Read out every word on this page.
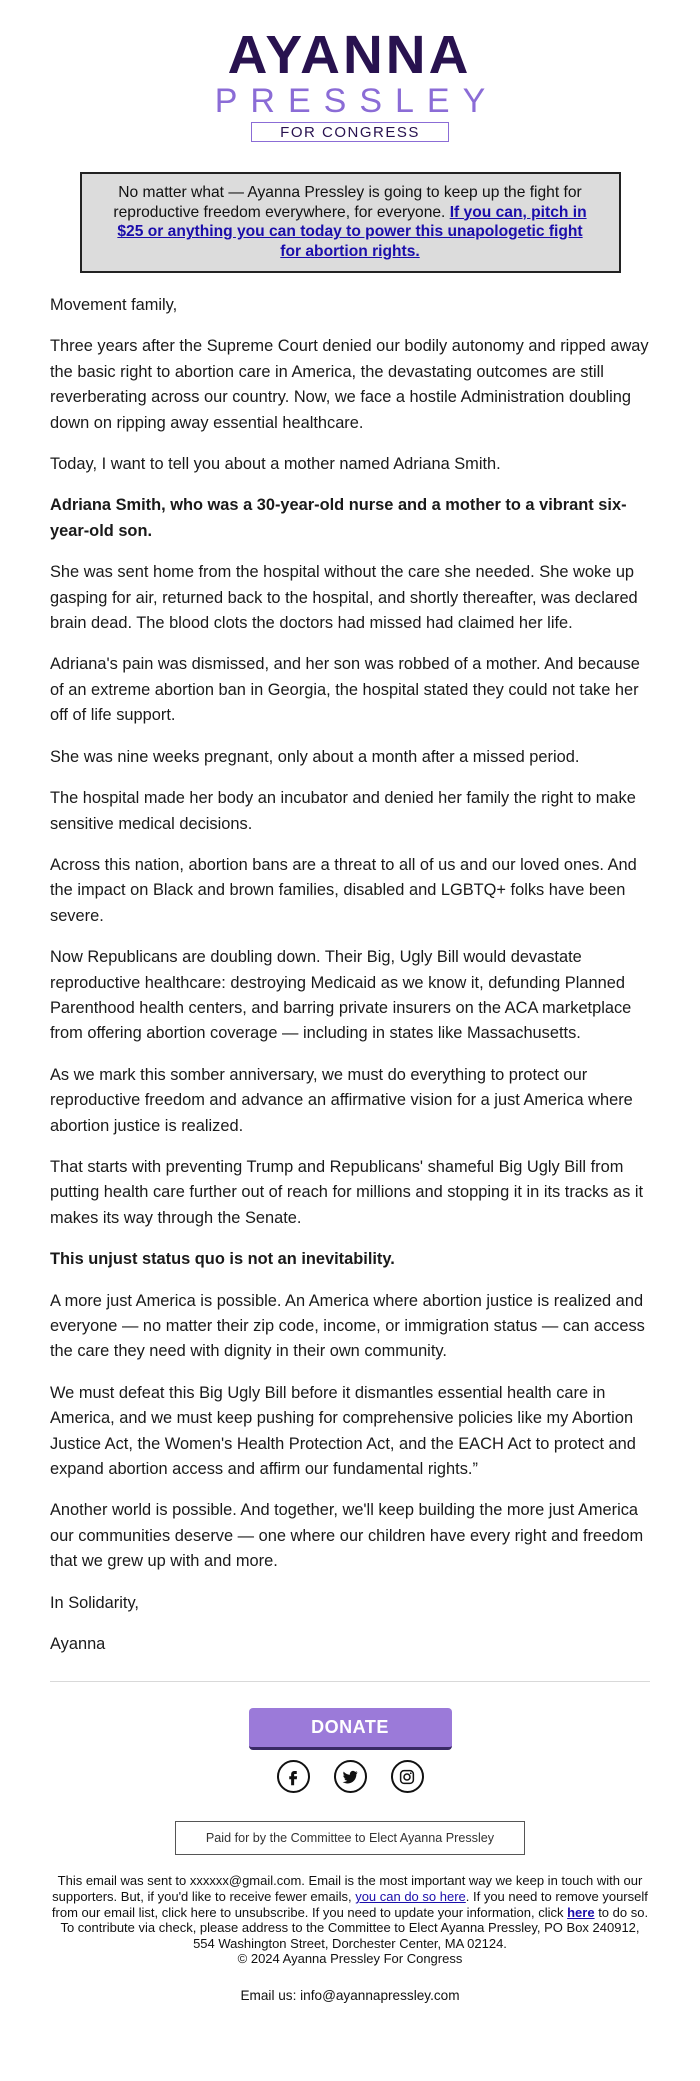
AYANNA
PRESSLEY
FOR CONGRESS
No matter what — Ayanna Pressley is going to keep up the fight for reproductive freedom everywhere, for everyone. If you can, pitch in $25 or anything you can today to power this unapologetic fight for abortion rights.

Movement family,

Three years after the Supreme Court denied our bodily autonomy and ripped away the basic right to abortion care in America, the devastating outcomes are still reverberating across our country. Now, we face a hostile Administration doubling down on ripping away essential healthcare.

Today, I want to tell you about a mother named Adriana Smith.

Adriana Smith, who was a 30-year-old nurse and a mother to a vibrant six-year-old son.

She was sent home from the hospital without the care she needed. She woke up gasping for air, returned back to the hospital, and shortly thereafter, was declared brain dead. The blood clots the doctors had missed had claimed her life.

Adriana's pain was dismissed, and her son was robbed of a mother. And because of an extreme abortion ban in Georgia, the hospital stated they could not take her off of life support.

She was nine weeks pregnant, only about a month after a missed period.

The hospital made her body an incubator and denied her family the right to make sensitive medical decisions.

Across this nation, abortion bans are a threat to all of us and our loved ones. And the impact on Black and brown families, disabled and LGBTQ+ folks have been severe.

Now Republicans are doubling down. Their Big, Ugly Bill would devastate reproductive healthcare: destroying Medicaid as we know it, defunding Planned Parenthood health centers, and barring private insurers on the ACA marketplace from offering abortion coverage — including in states like Massachusetts.

As we mark this somber anniversary, we must do everything to protect our reproductive freedom and advance an affirmative vision for a just America where abortion justice is realized.

That starts with preventing Trump and Republicans' shameful Big Ugly Bill from putting health care further out of reach for millions and stopping it in its tracks as it makes its way through the Senate.

This unjust status quo is not an inevitability.

A more just America is possible. An America where abortion justice is realized and everyone — no matter their zip code, income, or immigration status — can access the care they need with dignity in their own community.

We must defeat this Big Ugly Bill before it dismantles essential health care in America, and we must keep pushing for comprehensive policies like my Abortion Justice Act, the Women's Health Protection Act, and the EACH Act to protect and expand abortion access and affirm our fundamental rights.”

Another world is possible. And together, we'll keep building the more just America our communities deserve — one where our children have every right and freedom that we grew up with and more.

In Solidarity,

Ayanna

DONATE
Paid for by the Committee to Elect Ayanna Pressley
This email was sent to xxxxxx@gmail.com. Email is the most important way we keep in touch with our supporters. But, if you'd like to receive fewer emails, you can do so here. If you need to remove yourself from our email list, click here to unsubscribe. If you need to update your information, click here to do so. To contribute via check, please address to the Committee to Elect Ayanna Pressley, PO Box 240912, 554 Washington Street, Dorchester Center, MA 02124.
© 2024 Ayanna Pressley For Congress
Email us: info@ayannapressley.com
